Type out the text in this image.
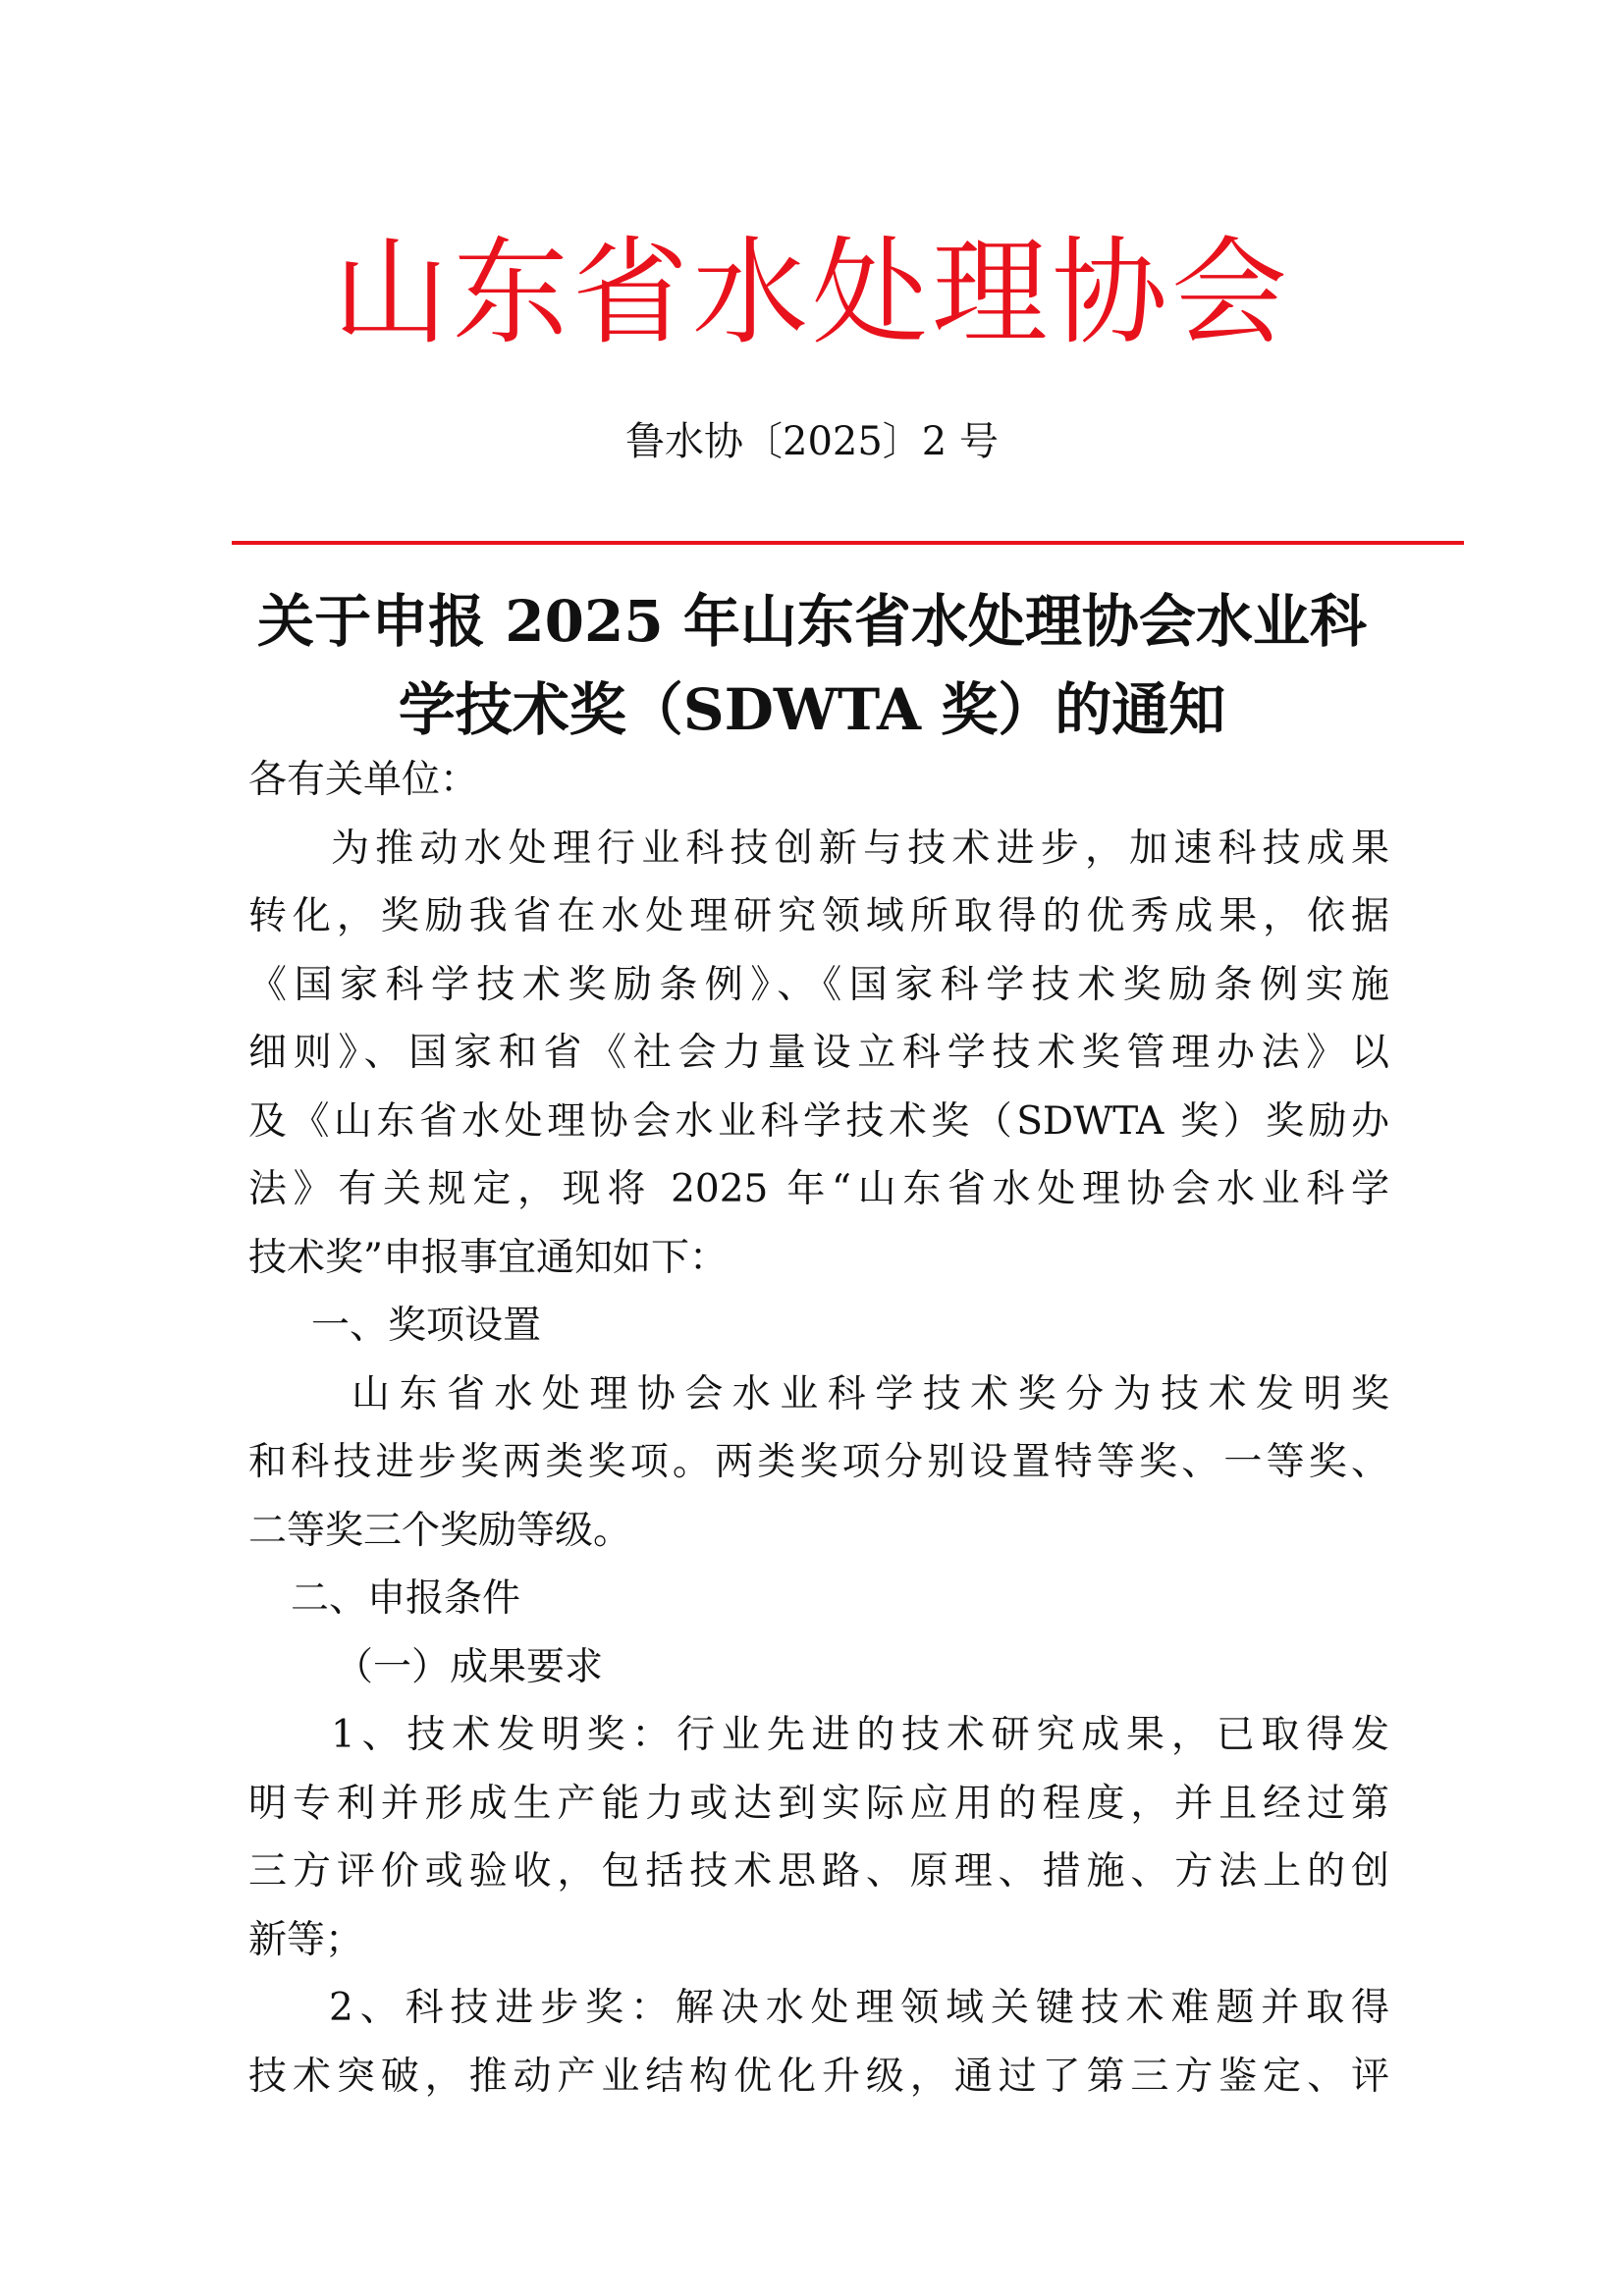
山东省水处理协会
鲁水协〔2025〕2 号
关于申报 2025 年山东省水处理协会水业科
学技术奖（SDWTA 奖）的通知
各有关单位：
为推动水处理行业科技创新与技术进步，加速科技成果
转化，奖励我省在水处理研究领域所取得的优秀成果，依据
《国家科学技术奖励条例》、《国家科学技术奖励条例实施
细则》、国家和省《社会力量设立科学技术奖管理办法》以
及《山东省水处理协会水业科学技术奖（SDWTA 奖）奖励办
法》有关规定，现将 2025 年“山东省水处理协会水业科学
技术奖”申报事宜通知如下：
一、奖项设置
山东省水处理协会水业科学技术奖分为技术发明奖
和科技进步奖两类奖项。两类奖项分别设置特等奖、一等奖、
二等奖三个奖励等级。
二、申报条件
（一）成果要求
1、技术发明奖：行业先进的技术研究成果，已取得发
明专利并形成生产能力或达到实际应用的程度，并且经过第
三方评价或验收，包括技术思路、原理、措施、方法上的创
新等；
2、科技进步奖：解决水处理领域关键技术难题并取得
技术突破，推动产业结构优化升级，通过了第三方鉴定、评
